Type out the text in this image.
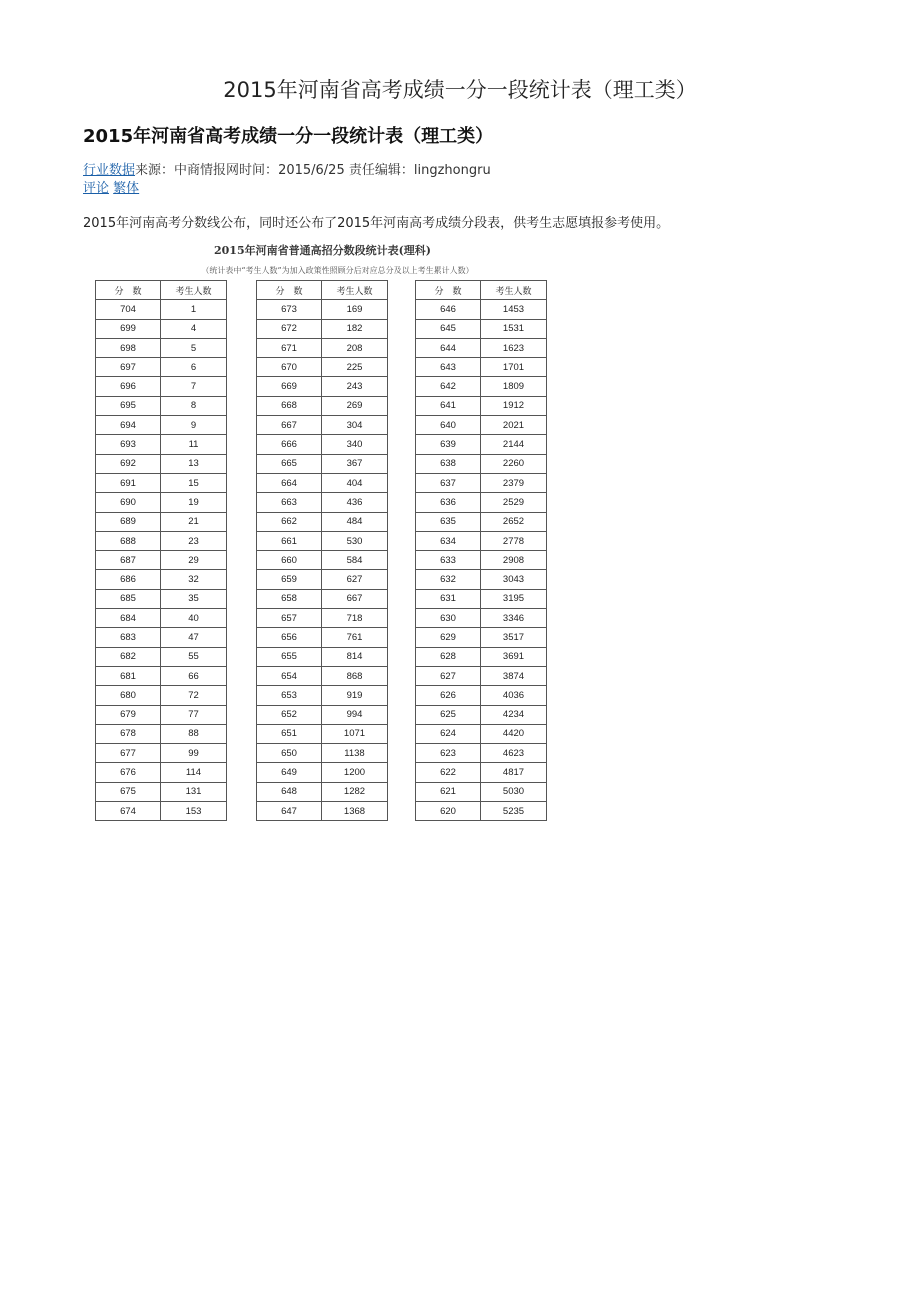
2015年河南省高考成绩一分一段统计表（理工类）
2015年河南省高考成绩一分一段统计表（理工类）
行业数据来源：中商情报网时间：2015/6/25 责任编辑：lingzhongru
评论 繁体

2015年河南高考分数线公布，同时还公布了2015年河南高考成绩分段表，供考生志愿填报参考使用。

2015年河南省普通高招分数段统计表(理科)
（统计表中“考生人数”为加入政策性照顾分后对应总分及以上考生累计人数）
分　数	考生人数
704	1
699	4
698	5
697	6
696	7
695	8
694	9
693	11
692	13
691	15
690	19
689	21
688	23
687	29
686	32
685	35
684	40
683	47
682	55
681	66
680	72
679	77
678	88
677	99
676	114
675	131
674	153
分　数	考生人数
673	169
672	182
671	208
670	225
669	243
668	269
667	304
666	340
665	367
664	404
663	436
662	484
661	530
660	584
659	627
658	667
657	718
656	761
655	814
654	868
653	919
652	994
651	1071
650	1138
649	1200
648	1282
647	1368
分　数	考生人数
646	1453
645	1531
644	1623
643	1701
642	1809
641	1912
640	2021
639	2144
638	2260
637	2379
636	2529
635	2652
634	2778
633	2908
632	3043
631	3195
630	3346
629	3517
628	3691
627	3874
626	4036
625	4234
624	4420
623	4623
622	4817
621	5030
620	5235
